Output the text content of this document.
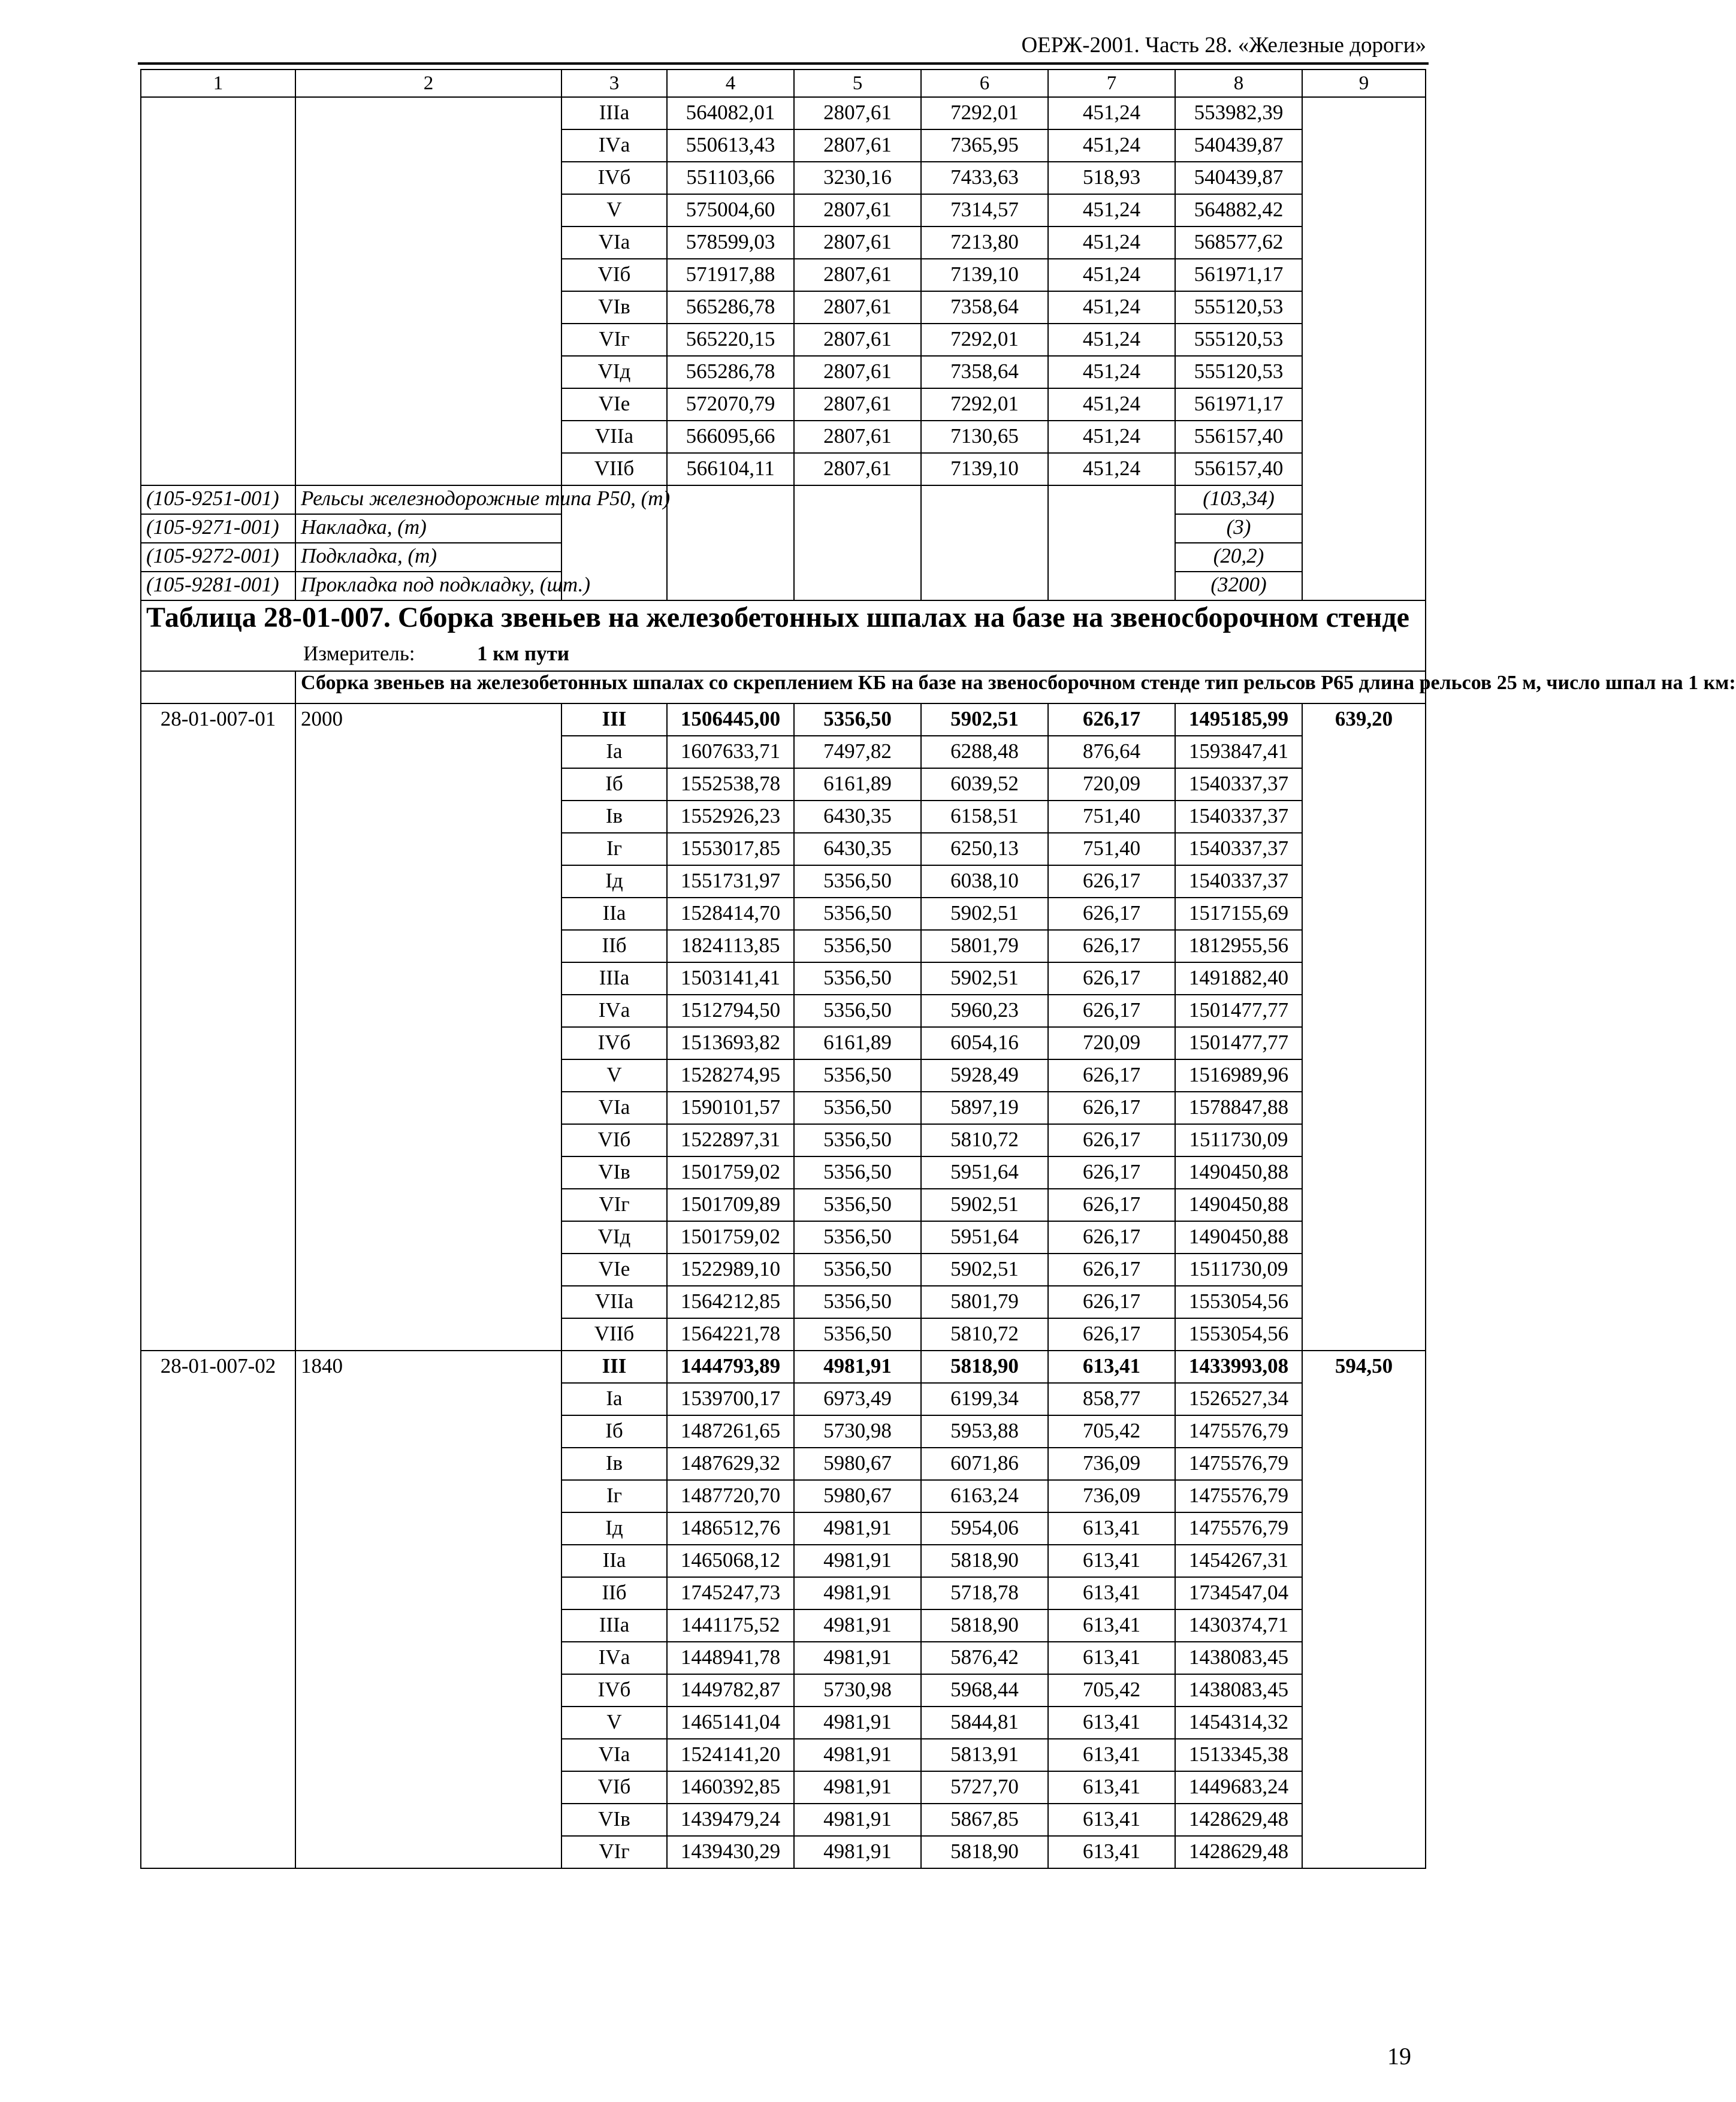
ОЕРЖ-2001. Часть 28. «Железные дороги»
1	2	3	4	5	6	7	8	9
		IIIа	564082,01	2807,61	7292,01	451,24	553982,39	
		IVа	550613,43	2807,61	7365,95	451,24	540439,87	
		IVб	551103,66	3230,16	7433,63	518,93	540439,87	
		V	575004,60	2807,61	7314,57	451,24	564882,42	
		VIа	578599,03	2807,61	7213,80	451,24	568577,62	
		VIб	571917,88	2807,61	7139,10	451,24	561971,17	
		VIв	565286,78	2807,61	7358,64	451,24	555120,53	
		VIг	565220,15	2807,61	7292,01	451,24	555120,53	
		VIд	565286,78	2807,61	7358,64	451,24	555120,53	
		VIе	572070,79	2807,61	7292,01	451,24	561971,17	
		VIIа	566095,66	2807,61	7130,65	451,24	556157,40	
		VIIб	566104,11	2807,61	7139,10	451,24	556157,40	
(105-9251-001)	Рельсы железнодорожные типа Р50, (т)						(103,34)	
(105-9271-001)	Накладка, (т)						(3)	
(105-9272-001)	Подкладка, (т)						(20,2)	
(105-9281-001)	Прокладка под подкладку, (шт.)						(3200)	

Таблица 28-01-007. Сборка звеньев на железобетонных шпалах на базе на звеносборочном стенде
Измеритель: 1 км пути								

	Сборка звеньев на железобетонных шпалах со скреплением КБ на базе на звеносборочном стенде тип рельсов Р65 длина рельсов 25 м, число шпал на 1 км:							
28-01-007-01	2000	III	1506445,00	5356,50	5902,51	626,17	1495185,99	639,20
		Iа	1607633,71	7497,82	6288,48	876,64	1593847,41	
		Iб	1552538,78	6161,89	6039,52	720,09	1540337,37	
		Iв	1552926,23	6430,35	6158,51	751,40	1540337,37	
		Iг	1553017,85	6430,35	6250,13	751,40	1540337,37	
		Iд	1551731,97	5356,50	6038,10	626,17	1540337,37	
		IIа	1528414,70	5356,50	5902,51	626,17	1517155,69	
		IIб	1824113,85	5356,50	5801,79	626,17	1812955,56	
		IIIа	1503141,41	5356,50	5902,51	626,17	1491882,40	
		IVа	1512794,50	5356,50	5960,23	626,17	1501477,77	
		IVб	1513693,82	6161,89	6054,16	720,09	1501477,77	
		V	1528274,95	5356,50	5928,49	626,17	1516989,96	
		VIа	1590101,57	5356,50	5897,19	626,17	1578847,88	
		VIб	1522897,31	5356,50	5810,72	626,17	1511730,09	
		VIв	1501759,02	5356,50	5951,64	626,17	1490450,88	
		VIг	1501709,89	5356,50	5902,51	626,17	1490450,88	
		VIд	1501759,02	5356,50	5951,64	626,17	1490450,88	
		VIе	1522989,10	5356,50	5902,51	626,17	1511730,09	
		VIIа	1564212,85	5356,50	5801,79	626,17	1553054,56	
		VIIб	1564221,78	5356,50	5810,72	626,17	1553054,56	
28-01-007-02	1840	III	1444793,89	4981,91	5818,90	613,41	1433993,08	594,50
		Iа	1539700,17	6973,49	6199,34	858,77	1526527,34	
		Iб	1487261,65	5730,98	5953,88	705,42	1475576,79	
		Iв	1487629,32	5980,67	6071,86	736,09	1475576,79	
		Iг	1487720,70	5980,67	6163,24	736,09	1475576,79	
		Iд	1486512,76	4981,91	5954,06	613,41	1475576,79	
		IIа	1465068,12	4981,91	5818,90	613,41	1454267,31	
		IIб	1745247,73	4981,91	5718,78	613,41	1734547,04	
		IIIа	1441175,52	4981,91	5818,90	613,41	1430374,71	
		IVа	1448941,78	4981,91	5876,42	613,41	1438083,45	
		IVб	1449782,87	5730,98	5968,44	705,42	1438083,45	
		V	1465141,04	4981,91	5844,81	613,41	1454314,32	
		VIа	1524141,20	4981,91	5813,91	613,41	1513345,38	
		VIб	1460392,85	4981,91	5727,70	613,41	1449683,24	
		VIв	1439479,24	4981,91	5867,85	613,41	1428629,48	
		VIг	1439430,29	4981,91	5818,90	613,41	1428629,48	
19
